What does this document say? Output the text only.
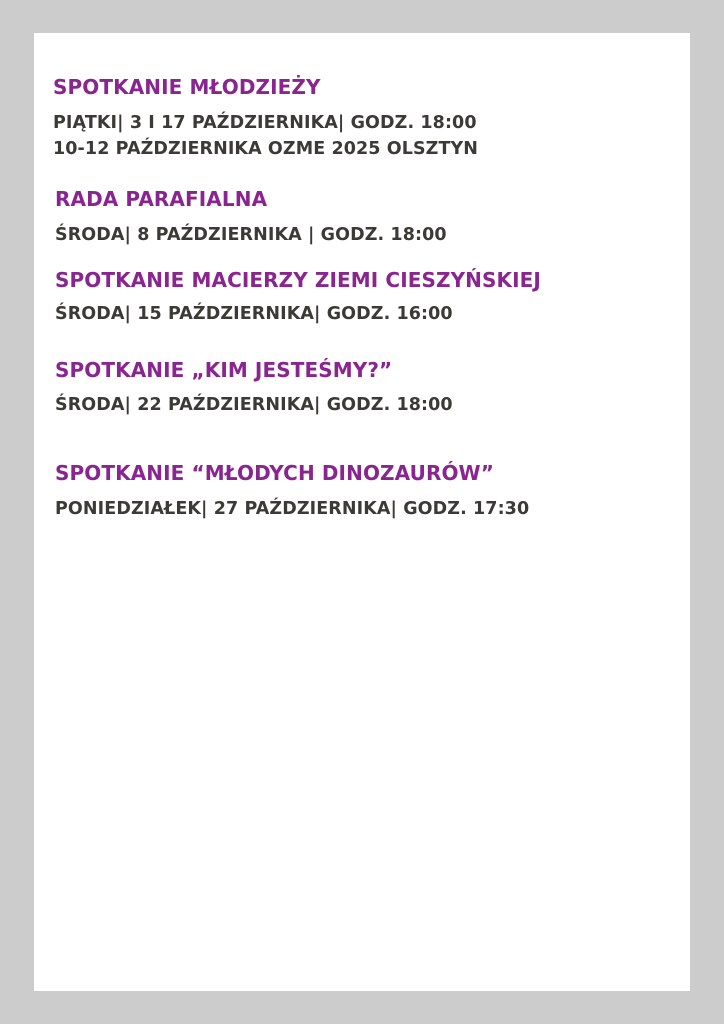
SPOTKANIE MŁODZIEŻY

PIĄTKI| 3 I 17 PAŹDZIERNIKA| GODZ. 18:00

10-12 PAŹDZIERNIKA OZME 2025 OLSZTYN

RADA PARAFIALNA

ŚRODA| 8 PAŹDZIERNIKA | GODZ. 18:00

SPOTKANIE MACIERZY ZIEMI CIESZYŃSKIEJ

ŚRODA| 15 PAŹDZIERNIKA| GODZ. 16:00

SPOTKANIE „KIM JESTEŚMY?”

ŚRODA| 22 PAŹDZIERNIKA| GODZ. 18:00

SPOTKANIE “MŁODYCH DINOZAURÓW”

PONIEDZIAŁEK| 27 PAŹDZIERNIKA| GODZ. 17:30
